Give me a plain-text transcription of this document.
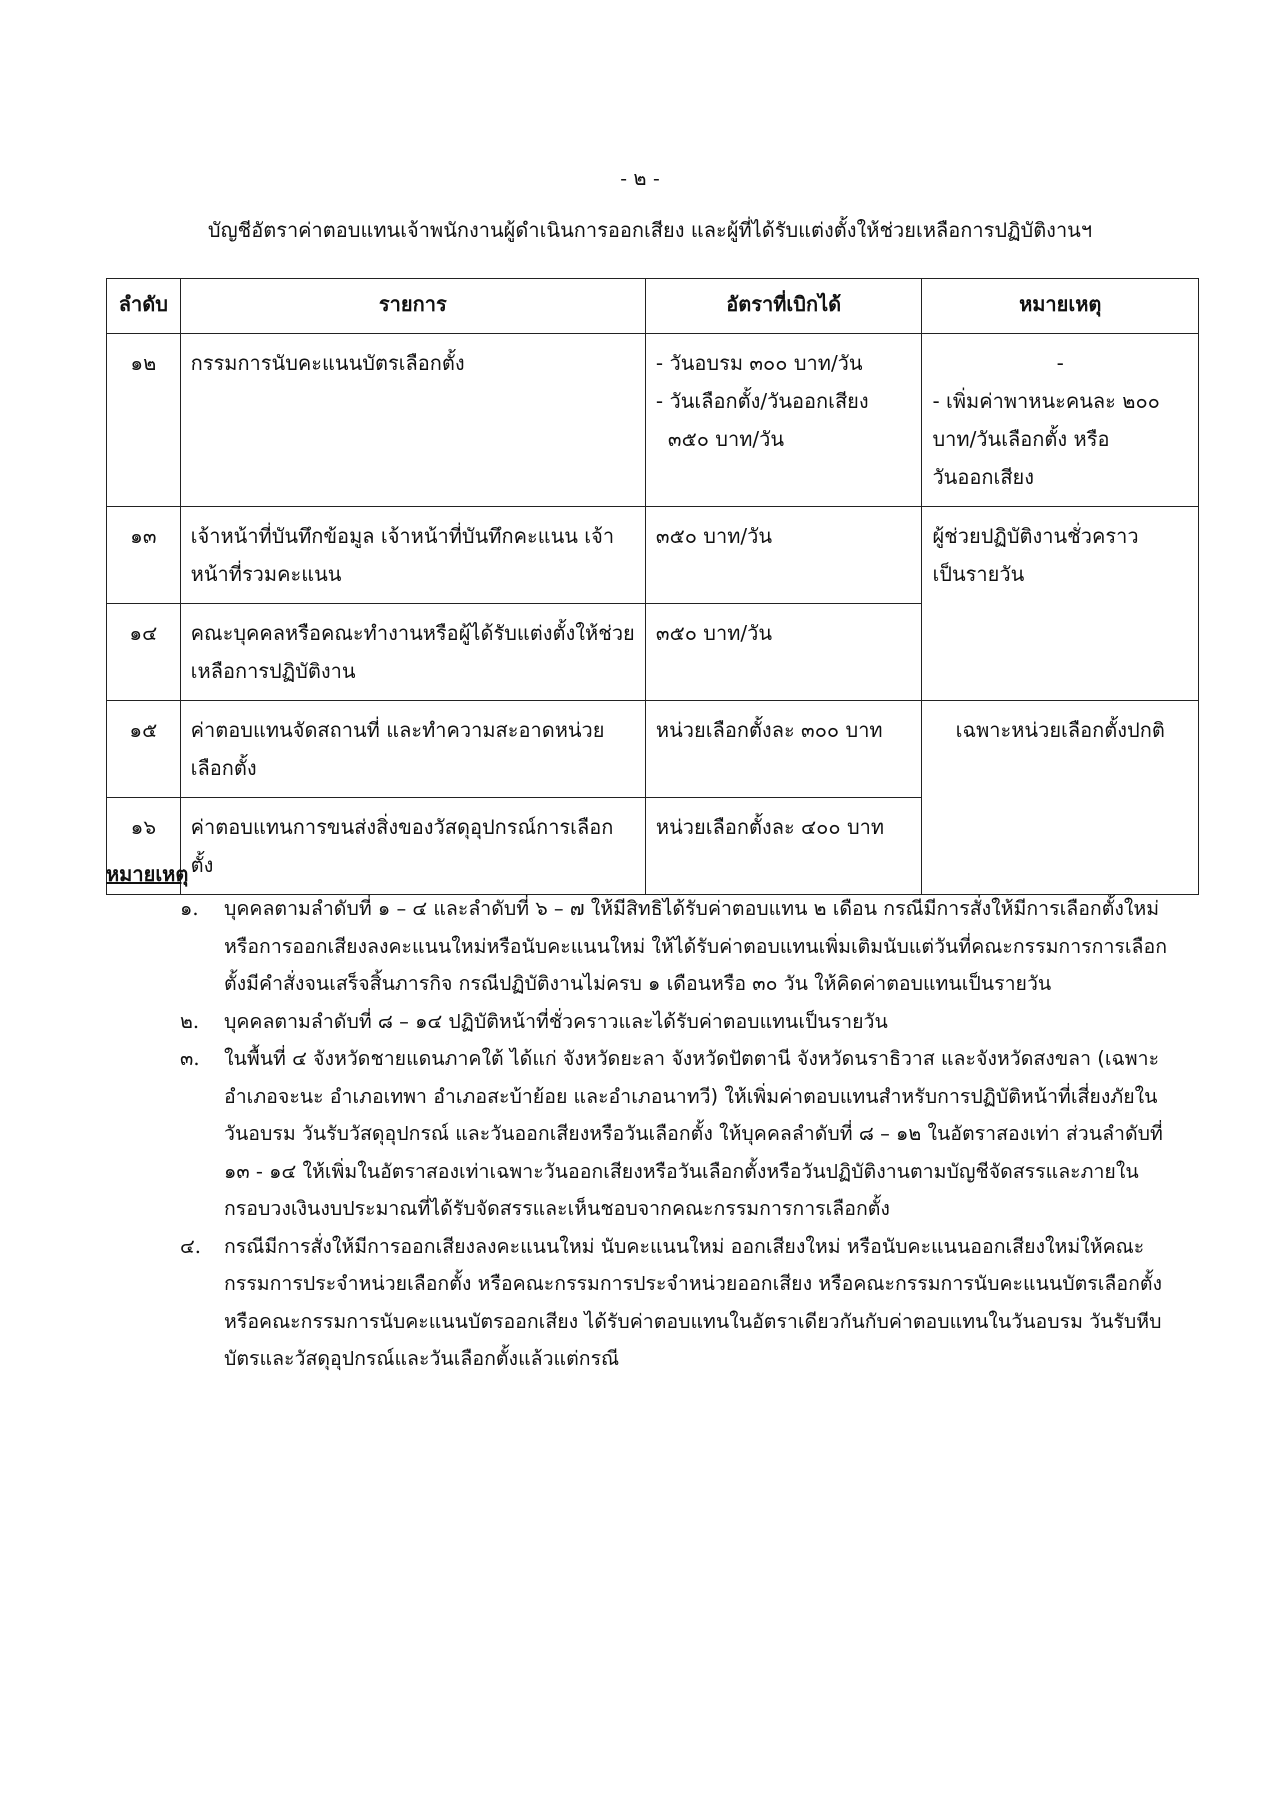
- ๒ -
บัญชีอัตราค่าตอบแทนเจ้าพนักงานผู้ดำเนินการออกเสียง และผู้ที่ได้รับแต่งตั้งให้ช่วยเหลือการปฏิบัติงานฯ
ลำดับ	รายการ	อัตราที่เบิกได้	หมายเหตุ
๑๒	กรรมการนับคะแนนบัตรเลือกตั้ง	- วันอบรม ๓๐๐ บาท/วัน
- วันเลือกตั้ง/วันออกเสียง
๓๕๐ บาท/วัน	-
- เพิ่มค่าพาหนะคนละ ๒๐๐
บาท/วันเลือกตั้ง หรือ
วันออกเสียง

๑๓	เจ้าหน้าที่บันทึกข้อมูล เจ้าหน้าที่บันทึกคะแนน เจ้าหน้าที่รวมคะแนน	๓๕๐ บาท/วัน	ผู้ช่วยปฏิบัติงานชั่วคราว
เป็นรายวัน

๑๔	คณะบุคคลหรือคณะทำงานหรือผู้ได้รับแต่งตั้งให้ช่วยเหลือการปฏิบัติงาน	๓๕๐ บาท/วัน	
๑๕	ค่าตอบแทนจัดสถานที่ และทำความสะอาดหน่วยเลือกตั้ง	หน่วยเลือกตั้งละ ๓๐๐ บาท	เฉพาะหน่วยเลือกตั้งปกติ
๑๖	ค่าตอบแทนการขนส่งสิ่งของวัสดุอุปกรณ์การเลือกตั้ง	หน่วยเลือกตั้งละ ๔๐๐ บาท	
หมายเหตุ
๑. บุคคลตามลำดับที่ ๑ – ๔ และลำดับที่ ๖ – ๗ ให้มีสิทธิได้รับค่าตอบแทน ๒ เดือน กรณีมีการสั่งให้มีการเลือกตั้งใหม่หรือการออกเสียงลงคะแนนใหม่หรือนับคะแนนใหม่ ให้ได้รับค่าตอบแทนเพิ่มเติมนับแต่วันที่คณะกรรมการการเลือกตั้งมีคำสั่งจนเสร็จสิ้นภารกิจ กรณีปฏิบัติงานไม่ครบ ๑ เดือนหรือ ๓๐ วัน ให้คิดค่าตอบแทนเป็นรายวัน
๒. บุคคลตามลำดับที่ ๘ – ๑๔ ปฏิบัติหน้าที่ชั่วคราวและได้รับค่าตอบแทนเป็นรายวัน
๓. ในพื้นที่ ๔ จังหวัดชายแดนภาคใต้ ได้แก่ จังหวัดยะลา จังหวัดปัตตานี จังหวัดนราธิวาส และจังหวัดสงขลา (เฉพาะอำเภอจะนะ อำเภอเทพา อำเภอสะบ้าย้อย และอำเภอนาทวี) ให้เพิ่มค่าตอบแทนสำหรับการปฏิบัติหน้าที่เสี่ยงภัยในวันอบรม วันรับวัสดุอุปกรณ์ และวันออกเสียงหรือวันเลือกตั้ง ให้บุคคลลำดับที่ ๘ – ๑๒ ในอัตราสองเท่า ส่วนลำดับที่ ๑๓ - ๑๔ ให้เพิ่มในอัตราสองเท่าเฉพาะวันออกเสียงหรือวันเลือกตั้งหรือวันปฏิบัติงานตามบัญชีจัดสรรและภายในกรอบวงเงินงบประมาณที่ได้รับจัดสรรและเห็นชอบจากคณะกรรมการการเลือกตั้ง
๔. กรณีมีการสั่งให้มีการออกเสียงลงคะแนนใหม่ นับคะแนนใหม่ ออกเสียงใหม่ หรือนับคะแนนออกเสียงใหม่ให้คณะกรรมการประจำหน่วยเลือกตั้ง หรือคณะกรรมการประจำหน่วยออกเสียง หรือคณะกรรมการนับคะแนนบัตรเลือกตั้ง หรือคณะกรรมการนับคะแนนบัตรออกเสียง ได้รับค่าตอบแทนในอัตราเดียวกันกับค่าตอบแทนในวันอบรม วันรับหีบบัตรและวัสดุอุปกรณ์และวันเลือกตั้งแล้วแต่กรณี
